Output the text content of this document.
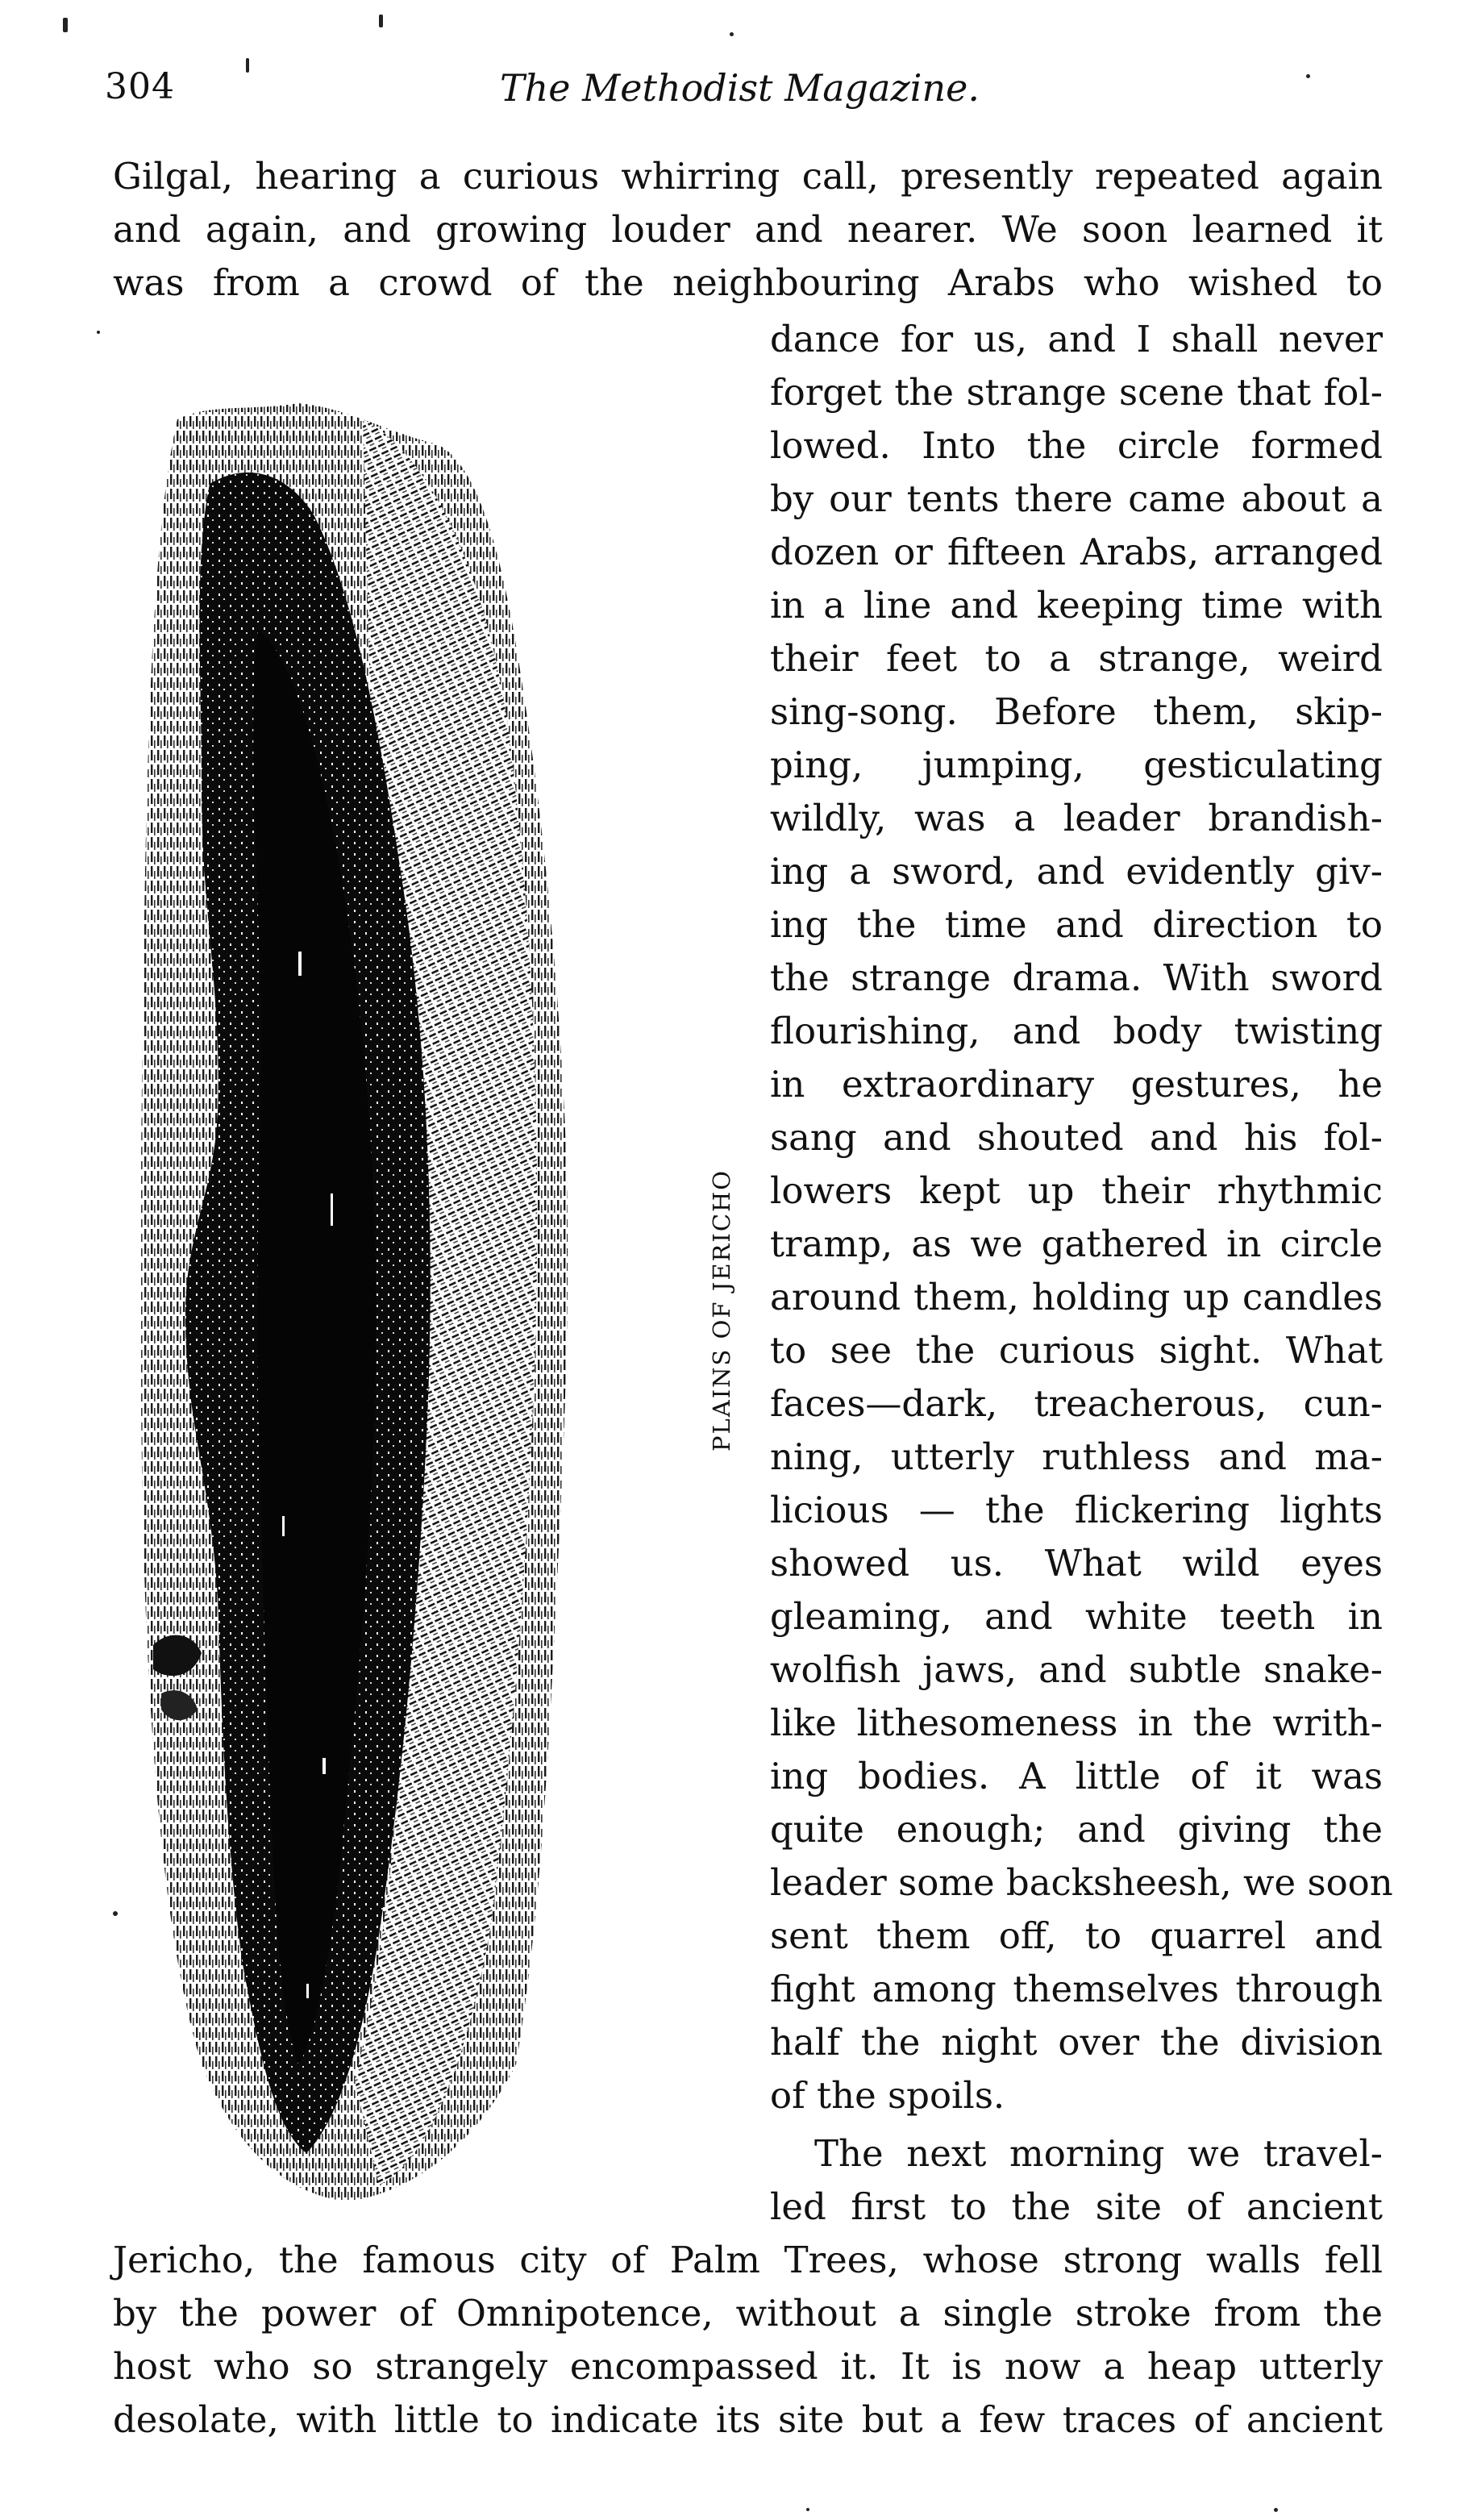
304	The Methodist Magazine.
Gilgal, hearing a curious whirring call, presently repeated again
and again, and growing louder and nearer. We soon learned it
was from a crowd of the neighbouring Arabs who wished to
PLAINS OF JERICHO
dance for us, and I shall never
forget the strange scene that fol-
lowed. Into the circle formed
by our tents there came about a
dozen or fifteen Arabs, arranged
in a line and keeping time with
their feet to a strange, weird
sing-song. Before them, skip-
ping, jumping, gesticulating
wildly, was a leader brandish-
ing a sword, and evidently giv-
ing the time and direction to
the strange drama. With sword
flourishing, and body twisting
in extraordinary gestures, he
sang and shouted and his fol-
lowers kept up their rhythmic
tramp, as we gathered in circle
around them, holding up candles
to see the curious sight. What
faces—dark, treacherous, cun-
ning, utterly ruthless and ma-
licious — the flickering lights
showed us. What wild eyes
gleaming, and white teeth in
wolfish jaws, and subtle snake-
like lithesomeness in the writh-
ing bodies. A little of it was
quite enough; and giving the
leader some backsheesh, we soon
sent them off, to quarrel and
fight among themselves through
half the night over the division
of the spoils.
The next morning we travel-
led first to the site of ancient
Jericho, the famous city of Palm Trees, whose strong walls fell
by the power of Omnipotence, without a single stroke from the
host who so strangely encompassed it. It is now a heap utterly
desolate, with little to indicate its site but a few traces of ancient
